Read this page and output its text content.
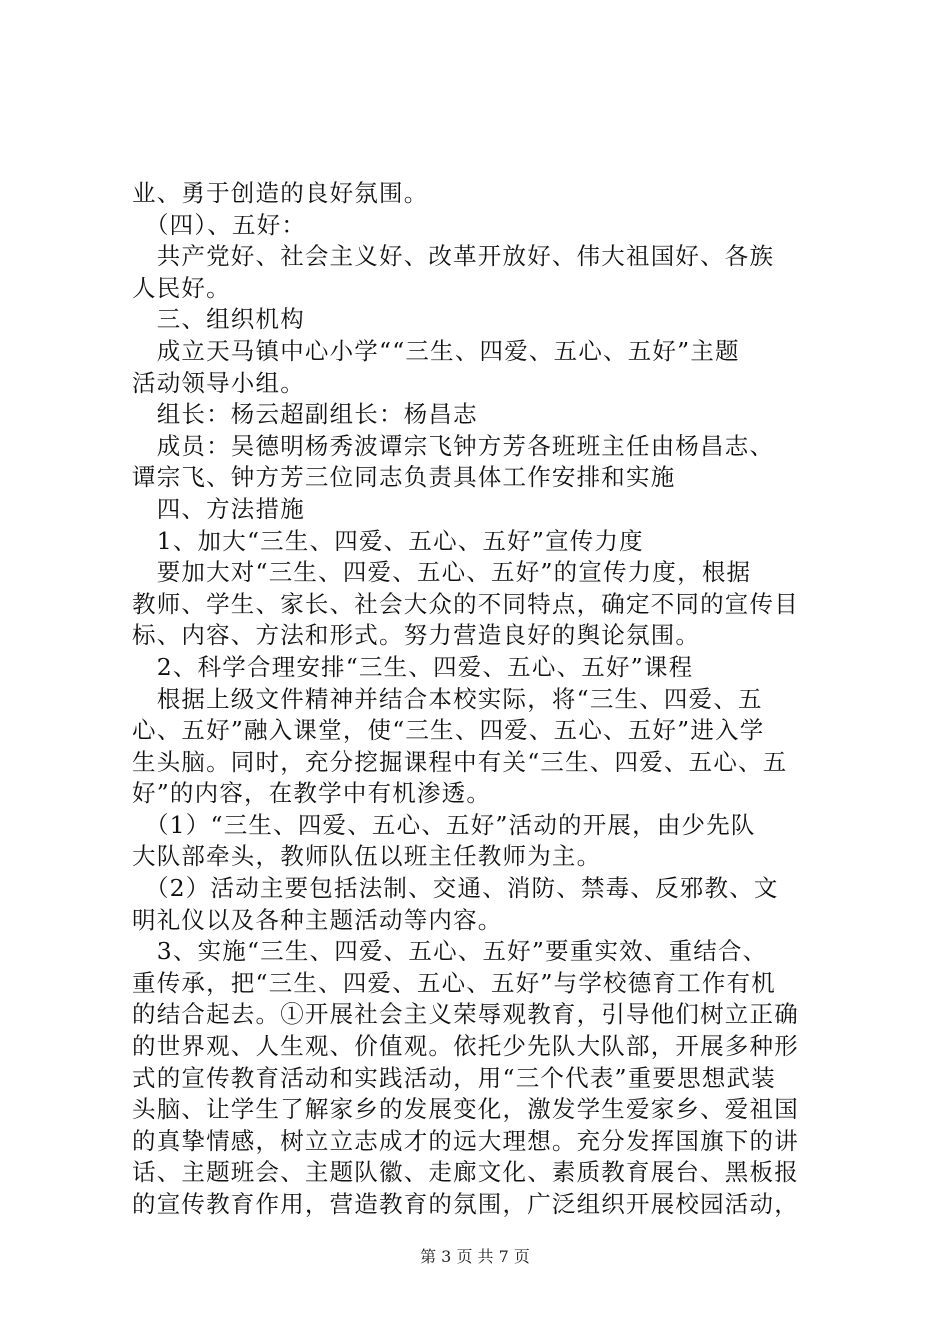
业、勇于创造的良好氛围。
　（四）、五好：
　共产党好、社会主义好、改革开放好、伟大祖国好、各族
人民好。
　三、组织机构
　成立天马镇中心小学““三生、四爱、五心、五好”主题
活动领导小组。
　组长：杨云超副组长：杨昌志
　成员：吴德明杨秀波谭宗飞钟方芳各班班主任由杨昌志、
谭宗飞、钟方芳三位同志负责具体工作安排和实施
　四、方法措施
　1、加大“三生、四爱、五心、五好”宣传力度
　要加大对“三生、四爱、五心、五好”的宣传力度，根据
教师、学生、家长、社会大众的不同特点，确定不同的宣传目
标、内容、方法和形式。努力营造良好的舆论氛围。
　2、科学合理安排“三生、四爱、五心、五好”课程
　根据上级文件精神并结合本校实际，将“三生、四爱、五
心、五好”融入课堂，使“三生、四爱、五心、五好”进入学
生头脑。同时，充分挖掘课程中有关“三生、四爱、五心、五
好”的内容，在教学中有机渗透。
　（1）“三生、四爱、五心、五好”活动的开展，由少先队
大队部牵头，教师队伍以班主任教师为主。
　（2）活动主要包括法制、交通、消防、禁毒、反邪教、文
明礼仪以及各种主题活动等内容。
　3、实施“三生、四爱、五心、五好”要重实效、重结合、
重传承，把“三生、四爱、五心、五好”与学校德育工作有机
的结合起去。①开展社会主义荣辱观教育，引导他们树立正确
的世界观、人生观、价值观。依托少先队大队部，开展多种形
式的宣传教育活动和实践活动，用“三个代表”重要思想武装
头脑、让学生了解家乡的发展变化，激发学生爱家乡、爱祖国
的真挚情感，树立立志成才的远大理想。充分发挥国旗下的讲
话、主题班会、主题队徽、走廊文化、素质教育展台、黑板报
的宣传教育作用，营造教育的氛围，广泛组织开展校园活动，
第 3 页 共 7 页
